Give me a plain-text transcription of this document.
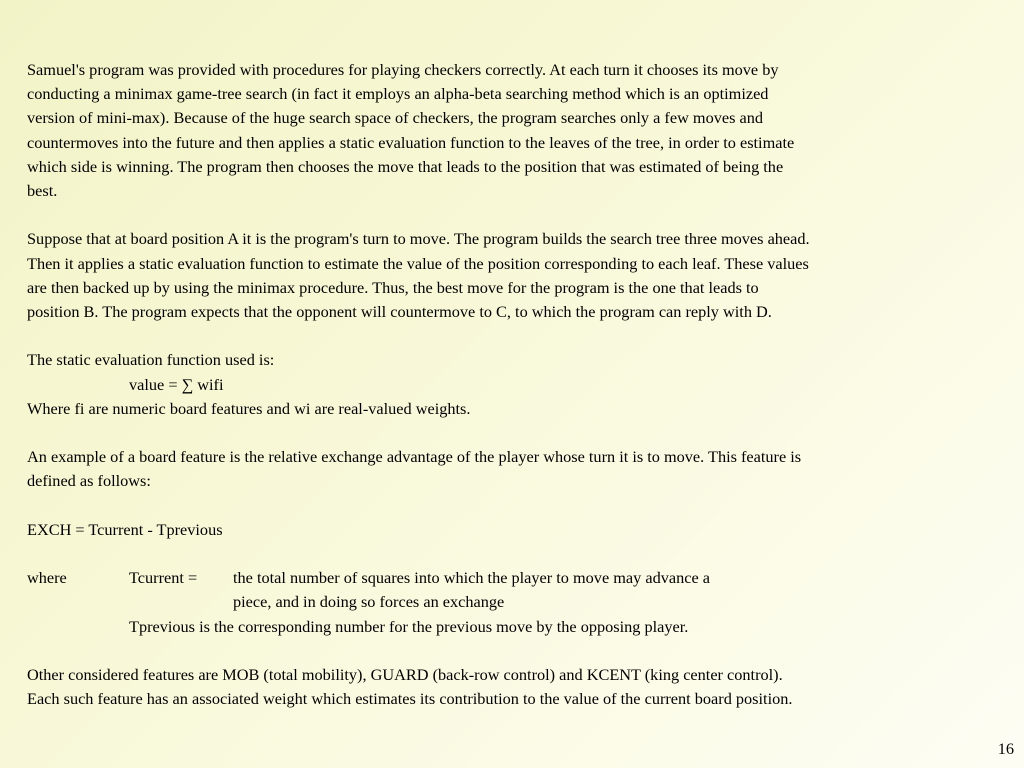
Samuel's program was provided with procedures for playing checkers correctly. At each turn it chooses its move by
conducting a minimax game-tree search (in fact it employs an alpha-beta searching method which is an optimized
version of mini-max). Because of the huge search space of checkers, the program searches only a few moves and
countermoves into the future and then applies a static evaluation function to the leaves of the tree, in order to estimate
which side is winning. The program then chooses the move that leads to the position that was estimated of being the
best.
Suppose that at board position A it is the program's turn to move. The program builds the search tree three moves ahead.
Then it applies a static evaluation function to estimate the value of the position corresponding to each leaf. These values
are then backed up by using the minimax procedure. Thus, the best move for the program is the one that leads to
position B. The program expects that the opponent will countermove to C, to which the program can reply with D.
The static evaluation function used is:
value = ∑ wifi
Where fi are numeric board features and wi are real-valued weights.
An example of a board feature is the relative exchange advantage of the player whose turn it is to move. This feature is
defined as follows:
EXCH = Tcurrent - Tprevious
where	Tcurrent =	the total number of squares into which the player to move may advance a
piece, and in doing so forces an exchange
Tprevious is the corresponding number for the previous move by the opposing player.
Other considered features are MOB (total mobility), GUARD (back-row control) and KCENT (king center control).
Each such feature has an associated weight which estimates its contribution to the value of the current board position.
16
